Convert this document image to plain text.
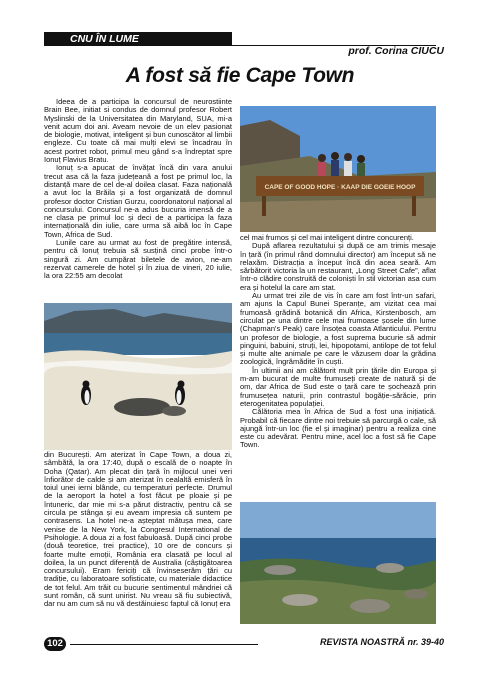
CNU ÎN LUME
prof. Corina CIUCU
A fost să fie Cape Town

Ideea de a participa la concursul de neurostiinte Brain Bee, initiat si condus de domnul profesor Robert Myslinski de la Universitatea din Maryland, SUA, mi-a venit acum doi ani. Aveam nevoie de un elev pasionat de biologie, motivat, inteligent și bun cunoscător al limbii engleze. Cu toate că mai mulți elevi se încadrau în acest portret robot, primul meu gând s-a îndreptat spre Ionuț Flavius Bratu.

Ionuț s-a apucat de învățat încă din vara anului trecut asa că la faza județeană a fost pe primul loc, la distanță mare de cel de-al doilea clasat. Faza națională a avut loc la Brăila și a fost organizată de domnul profesor doctor Cristian Gurzu, coordonatorul național al concursului. Concursul ne-a adus bucuria imensă de a ne clasa pe primul loc și deci de a participa la faza internațională din iulie, care urma să aibă loc în Cape Town, Africa de Sud.

Lunile care au urmat au fost de pregătire intensă, pentru că Ionuț trebuia să susțină cinci probe într-o singură zi. Am cumpărat biletele de avion, ne-am rezervat camerele de hotel și în ziua de vineri, 20 iulie, la ora 22:55 am decolat

din București. Am aterizat în Cape Town, a doua zi, sâmbătă, la ora 17:40, după o escală de o noapte în Doha (Qatar). Am plecat din țară în mijlocul unei veri înfiorător de calde și am aterizat în cealaltă emisferă în toiul unei ierni blânde, cu temperaturi perfecte. Drumul de la aeroport la hotel a fost făcut pe ploaie și pe întuneric, dar mie mi s-a părut distractiv, pentru că se circula pe stânga și eu aveam impresia că suntem pe contrasens. La hotel ne-a așteptat mătușa mea, care venise de la New York, la Congresul International de Psihologie. A doua zi a fost fabuloasă. După cinci probe (două teoretice, trei practice), 10 ore de concurs și foarte multe emoții, România era clasată pe locul al doilea, la un punct diferență de Australia (câștigătoarea concursului). Eram fericiți că învinseserăm țări cu tradiție, cu laboratoare sofisticate, cu materiale didactice de tot felul. Am trăit cu bucurie sentimentul mândriei că sunt român, că sunt unirist. Nu vreau să fiu subiectivă, dar nu am cum să nu vă destăinuiesc faptul că Ionuț era

CAPE OF GOOD HOPE · KAAP DIE GOEIE HOOP

cel mai frumos și cel mai inteligent dintre concurenți.

După aflarea rezultatului și după ce am trimis mesaje în țară (în primul rând domnului director) am început să ne relaxăm. Distracția a început încă din acea seară. Am sărbătorit victoria la un restaurant, „Long Street Cafe”, aflat într-o clădire construită de coloniști în stil victorian asa cum era și hotelul la care am stat.

Au urmat trei zile de vis în care am fost într-un safari, am ajuns la Capul Bunei Speranțe, am vizitat cea mai frumoasă grădină botanică din Africa, Kirstenbosch, am circulat pe una dintre cele mai frumoase șosele din lume (Chapman's Peak) care însoțea coasta Atlanticului. Pentru un profesor de biologie, a fost suprema bucurie să admir pinguini, babuini, struți, lei, hipopotami, antilope de tot felul și multe alte animale pe care le văzusem doar la grădina zoologică, îngrămădite în cuști.

În ultimii ani am călătorit mult prin țările din Europa și m-am bucurat de multe frumuseți create de natură și de om, dar Africa de Sud este o țară care te șochează prin frumusețea naturii, prin contrastul bogăție-sărăcie, prin eterogenitatea populației.

Călătoria mea în Africa de Sud a fost una inițiatică. Probabil că fiecare dintre noi trebuie să parcurgă o cale, să ajungă într-un loc (fie el și imaginar) pentru a realiza cine este cu adevărat. Pentru mine, acel loc a fost să fie Cape Town.

102	REVISTA NOASTRĂ nr. 39-40
